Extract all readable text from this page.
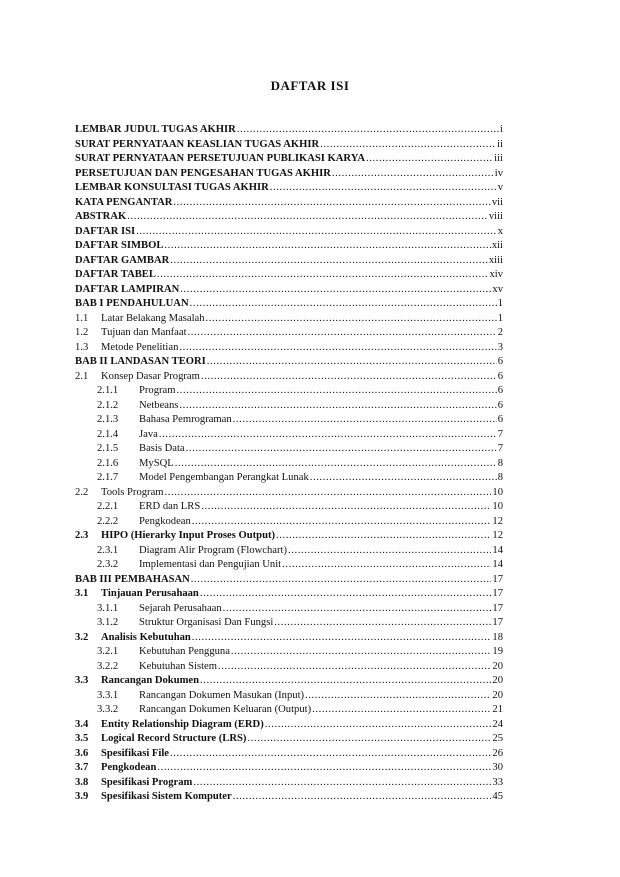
DAFTAR ISI
LEMBAR JUDUL TUGAS AKHIR .....	i
SURAT PERNYATAAN KEASLIAN TUGAS AKHIR .....	ii
SURAT PERNYATAAN PERSETUJUAN PUBLIKASI KARYA .....	iii
PERSETUJUAN DAN PENGESAHAN TUGAS AKHIR .....	iv
LEMBAR KONSULTASI TUGAS AKHIR .....	v
KATA PENGANTAR .....	vii
ABSTRAK .....	viii
DAFTAR ISI .....	x
DAFTAR SIMBOL .....	xii
DAFTAR GAMBAR .....	xiii
DAFTAR TABEL .....	xiv
DAFTAR LAMPIRAN .....	xv
BAB I PENDAHULUAN .....	1
1.1	Latar Belakang Masalah .....	1
1.2	Tujuan dan Manfaat .....	2
1.3	Metode Penelitian .....	3
BAB II LANDASAN TEORI .....	6
2.1	Konsep Dasar Program .....	6
2.1.1	Program .....	6
2.1.2	Netbeans .....	6
2.1.3	Bahasa Pemrograman .....	6
2.1.4	Java .....	7
2.1.5	Basis Data .....	7
2.1.6	MySQL .....	8
2.1.7	Model Pengembangan Perangkat Lunak .....	8
2.2	Tools Program .....	10
2.2.1	ERD dan LRS .....	10
2.2.2	Pengkodean .....	12
2.3	HIPO (Hierarky Input Proses Output) .....	12
2.3.1	Diagram Alir Program (Flowchart) .....	14
2.3.2	Implementasi dan Pengujian Unit .....	14
BAB III PEMBAHASAN .....	17
3.1	Tinjauan Perusahaan .....	17
3.1.1	Sejarah Perusahaan .....	17
3.1.2	Struktur Organisasi Dan Fungsi .....	17
3.2	Analisis Kebutuhan .....	18
3.2.1	Kebutuhan Pengguna .....	19
3.2.2	Kebutuhan Sistem .....	20
3.3	Rancangan Dokumen .....	20
3.3.1	Rancangan Dokumen Masukan (Input) .....	20
3.3.2	Rancangan Dokumen Keluaran (Output) .....	21
3.4	Entity Relationship Diagram (ERD) .....	24
3.5	Logical Record Structure (LRS) .....	25
3.6	Spesifikasi File .....	26
3.7	Pengkodean .....	30
3.8	Spesifikasi Program .....	33
3.9	Spesifikasi Sistem Komputer .....	45
